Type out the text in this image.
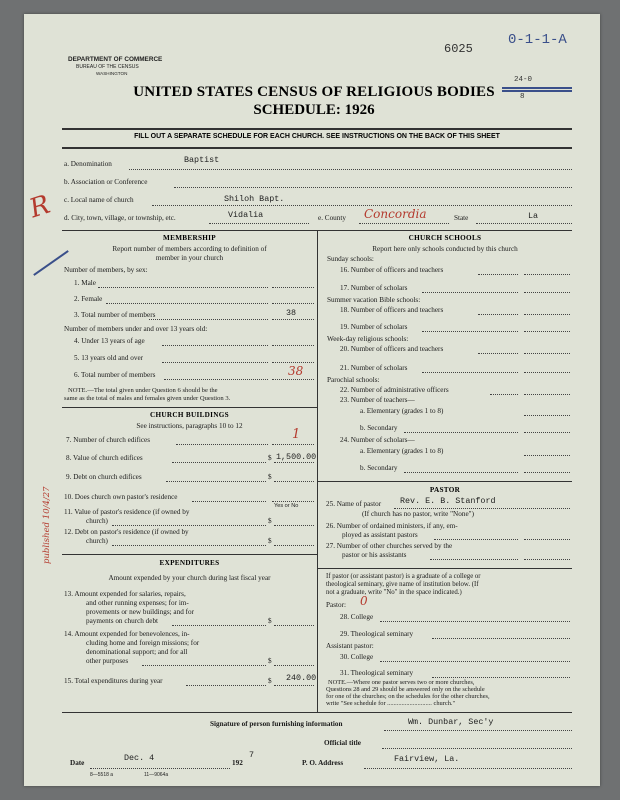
DEPARTMENT OF COMMERCE
BUREAU OF THE CENSUS
WASHINGTON
6025
0-1-1-A
24-0
8
UNITED STATES CENSUS OF RELIGIOUS BODIES
SCHEDULE: 1926
FILL OUT A SEPARATE SCHEDULE FOR EACH CHURCH. SEE INSTRUCTIONS ON THE BACK OF THIS SHEET
a. Denomination	Baptist
b. Association or Conference
c. Local name of church	Shiloh Bapt.
d. City, town, village, or township, etc.	Vidalia	e. County Concordia	State	La
R
published 10/4/27
MEMBERSHIP
Report number of members according to definition of
member in your church
Number of members, by sex:
1. Male
2. Female
3. Total number of members	38
Number of members under and over 13 years old:
4. Under 13 years of age
5. 13 years old and over
6. Total number of members	38
NOTE.—The total given under Question 6 should be the
same as the total of males and females given under Question 3.
CHURCH BUILDINGS
See instructions, paragraphs 10 to 12
7. Number of church edifices	1
8. Value of church edifices	$ 1,500.00
9. Debt on church edifices	$
10. Does church own pastor's residence
Yes or No
11. Value of pastor's residence (if owned by
church)	$
12. Debt on pastor's residence (if owned by
church)	$
EXPENDITURES
Amount expended by your church during last fiscal year
13. Amount expended for salaries, repairs,
and other running expenses; for im-
provements or new buildings; and for
payments on church debt	$
14. Amount expended for benevolences, in-
cluding home and foreign missions; for
denominational support; and for all
other purposes	$
15. Total expenditures during year	$ 240.00
CHURCH SCHOOLS
Report here only schools conducted by this church
Sunday schools:
16. Number of officers and teachers
17. Number of scholars
Summer vacation Bible schools:
18. Number of officers and teachers
19. Number of scholars
Week-day religious schools:
20. Number of officers and teachers
21. Number of scholars
Parochial schools:
22. Number of administrative officers
23. Number of teachers—
a. Elementary (grades 1 to 8)
b. Secondary
24. Number of scholars—
a. Elementary (grades 1 to 8)
b. Secondary
PASTOR
25. Name of pastor Rev. E. B. Stanford
(If church has no pastor, write "None")
26. Number of ordained ministers, if any, em-
ployed as assistant pastors
27. Number of other churches served by the
pastor or his assistants
If pastor (or assistant pastor) is a graduate of a college or
theological seminary, give name of institution below. (If
not a graduate, write "No" in the space indicated.)
Pastor: 0
28. College
29. Theological seminary
Assistant pastor:
30. College
31. Theological seminary
NOTE.—Where one pastor serves two or more churches,
Questions 28 and 29 should be answered only on the schedule
for one of the churches; on the schedules for the other churches,
write "See schedule for ............................ church."
Signature of person furnishing information	Wm. Dunbar, Sec'y
Official title
Date	Dec. 4	192
7
P. O. Address	Fairview, La.
8—5518 a	11—9064a
